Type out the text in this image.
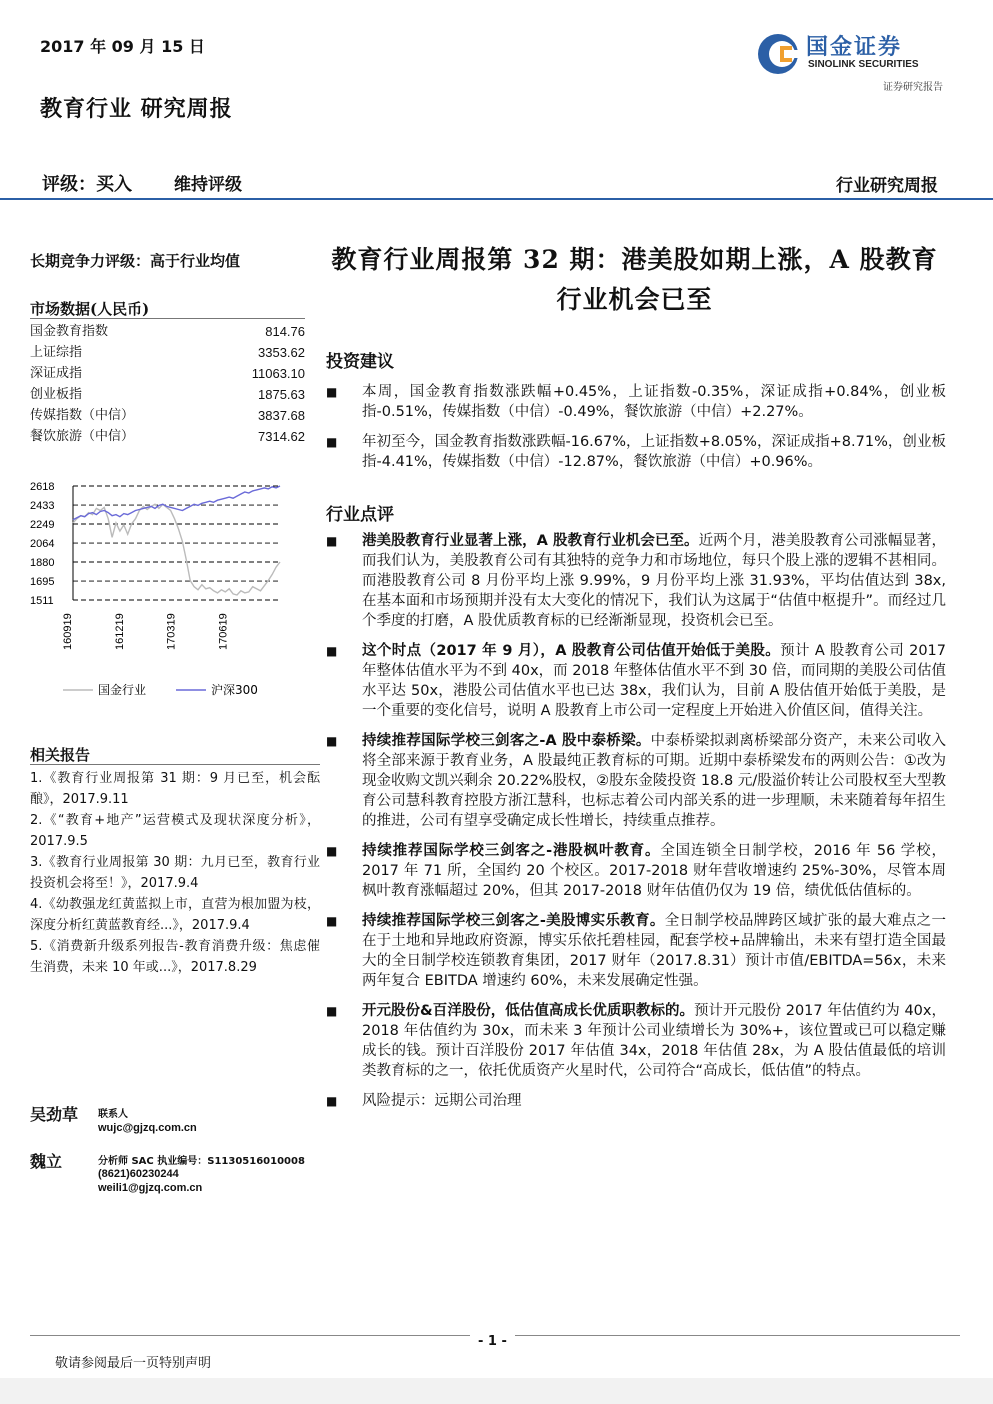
2017 年 09 月 15 日	国金证券
SINOLINK SECURITIES
证券研究报告
教育行业 研究周报
评级：买入 维持评级	行业研究周报
长期竞争力评级：高于行业均值
市场数据(人民币)
国金教育指数	814.76
上证综指	3353.62
深证成指	11063.10
创业板指	1875.63
传媒指数（中信）	3837.68
餐饮旅游（中信）	7314.62
2618
2433
2249
2064
1880
1695
1511
160919	161219	170319	170619
国金行业	沪深300
相关报告
1.《教育行业周报第 31 期：9 月已至，机会酝酿》，2017.9.11
2.《“教育+地产”运营模式及现状深度分析》，2017.9.5
3.《教育行业周报第 30 期：九月已至，教育行业投资机会将至！》，2017.9.4
4.《幼教强龙红黄蓝拟上市，直营为根加盟为枝，深度分析红黄蓝教育经...》，2017.9.4
5.《消费新升级系列报告-教育消费升级：焦虑催生消费，未来 10 年或...》，2017.8.29
吴劲草	联系人
wujc@gjzq.com.cn
魏立	分析师 SAC 执业编号：S1130516010008
(8621)60230244
weili1@gjzq.com.cn
教育行业周报第 32 期：港美股如期上涨，A 股教育行业机会已至
投资建议
■ 本周，国金教育指数涨跌幅+0.45%，上证指数-0.35%，深证成指+0.84%，创业板指-0.51%，传媒指数（中信）-0.49%，餐饮旅游（中信）+2.27%。
■ 年初至今，国金教育指数涨跌幅-16.67%，上证指数+8.05%，深证成指+8.71%，创业板指-4.41%，传媒指数（中信）-12.87%，餐饮旅游（中信）+0.96%。
行业点评
■ 港美股教育行业显著上涨，A 股教育行业机会已至。近两个月，港美股教育公司涨幅显著，而我们认为，美股教育公司有其独特的竞争力和市场地位，每只个股上涨的逻辑不甚相同。而港股教育公司 8 月份平均上涨 9.99%，9 月份平均上涨 31.93%，平均估值达到 38x,在基本面和市场预期并没有太大变化的情况下，我们认为这属于“估值中枢提升”。而经过几个季度的打磨，A 股优质教育标的已经渐渐显现，投资机会已至。
■ 这个时点（2017 年 9 月），A 股教育公司估值开始低于美股。预计 A 股教育公司 2017 年整体估值水平为不到 40x，而 2018 年整体估值水平不到 30 倍，而同期的美股公司估值水平达 50x，港股公司估值水平也已达 38x，我们认为，目前 A 股估值开始低于美股，是一个重要的变化信号，说明 A 股教育上市公司一定程度上开始进入价值区间，值得关注。
■ 持续推荐国际学校三剑客之-A 股中泰桥梁。中泰桥梁拟剥离桥梁部分资产，未来公司收入将全部来源于教育业务，A 股最纯正教育标的可期。近期中泰桥梁发布的两则公告：①改为现金收购文凯兴剩余 20.22%股权，②股东金陵投资 18.8 元/股溢价转让公司股权至大型教育公司慧科教育控股方浙江慧科，也标志着公司内部关系的进一步理顺，未来随着每年招生的推进，公司有望享受确定成长性增长，持续重点推荐。
■ 持续推荐国际学校三剑客之-港股枫叶教育。全国连锁全日制学校，2016 年 56 学校，2017 年 71 所，全国约 20 个校区。2017-2018 财年营收增速约 25%-30%，尽管本周枫叶教育涨幅超过 20%，但其 2017-2018 财年估值仍仅为 19 倍，绩优低估值标的。
■ 持续推荐国际学校三剑客之-美股博实乐教育。全日制学校品牌跨区域扩张的最大难点之一在于土地和异地政府资源，博实乐依托碧桂园，配套学校+品牌输出，未来有望打造全国最大的全日制学校连锁教育集团，2017 财年（2017.8.31）预计市值/EBITDA=56x，未来两年复合 EBITDA 增速约 60%，未来发展确定性强。
■ 开元股份&百洋股份，低估值高成长优质职教标的。预计开元股份 2017 年估值约为 40x，2018 年估值约为 30x，而未来 3 年预计公司业绩增长为 30%+，该位置或已可以稳定赚成长的钱。预计百洋股份 2017 年估值 34x，2018 年估值 28x，为 A 股估值最低的培训类教育标的之一，依托优质资产火星时代，公司符合“高成长，低估值”的特点。
■ 风险提示：远期公司治理
- 1 -
敬请参阅最后一页特别声明
